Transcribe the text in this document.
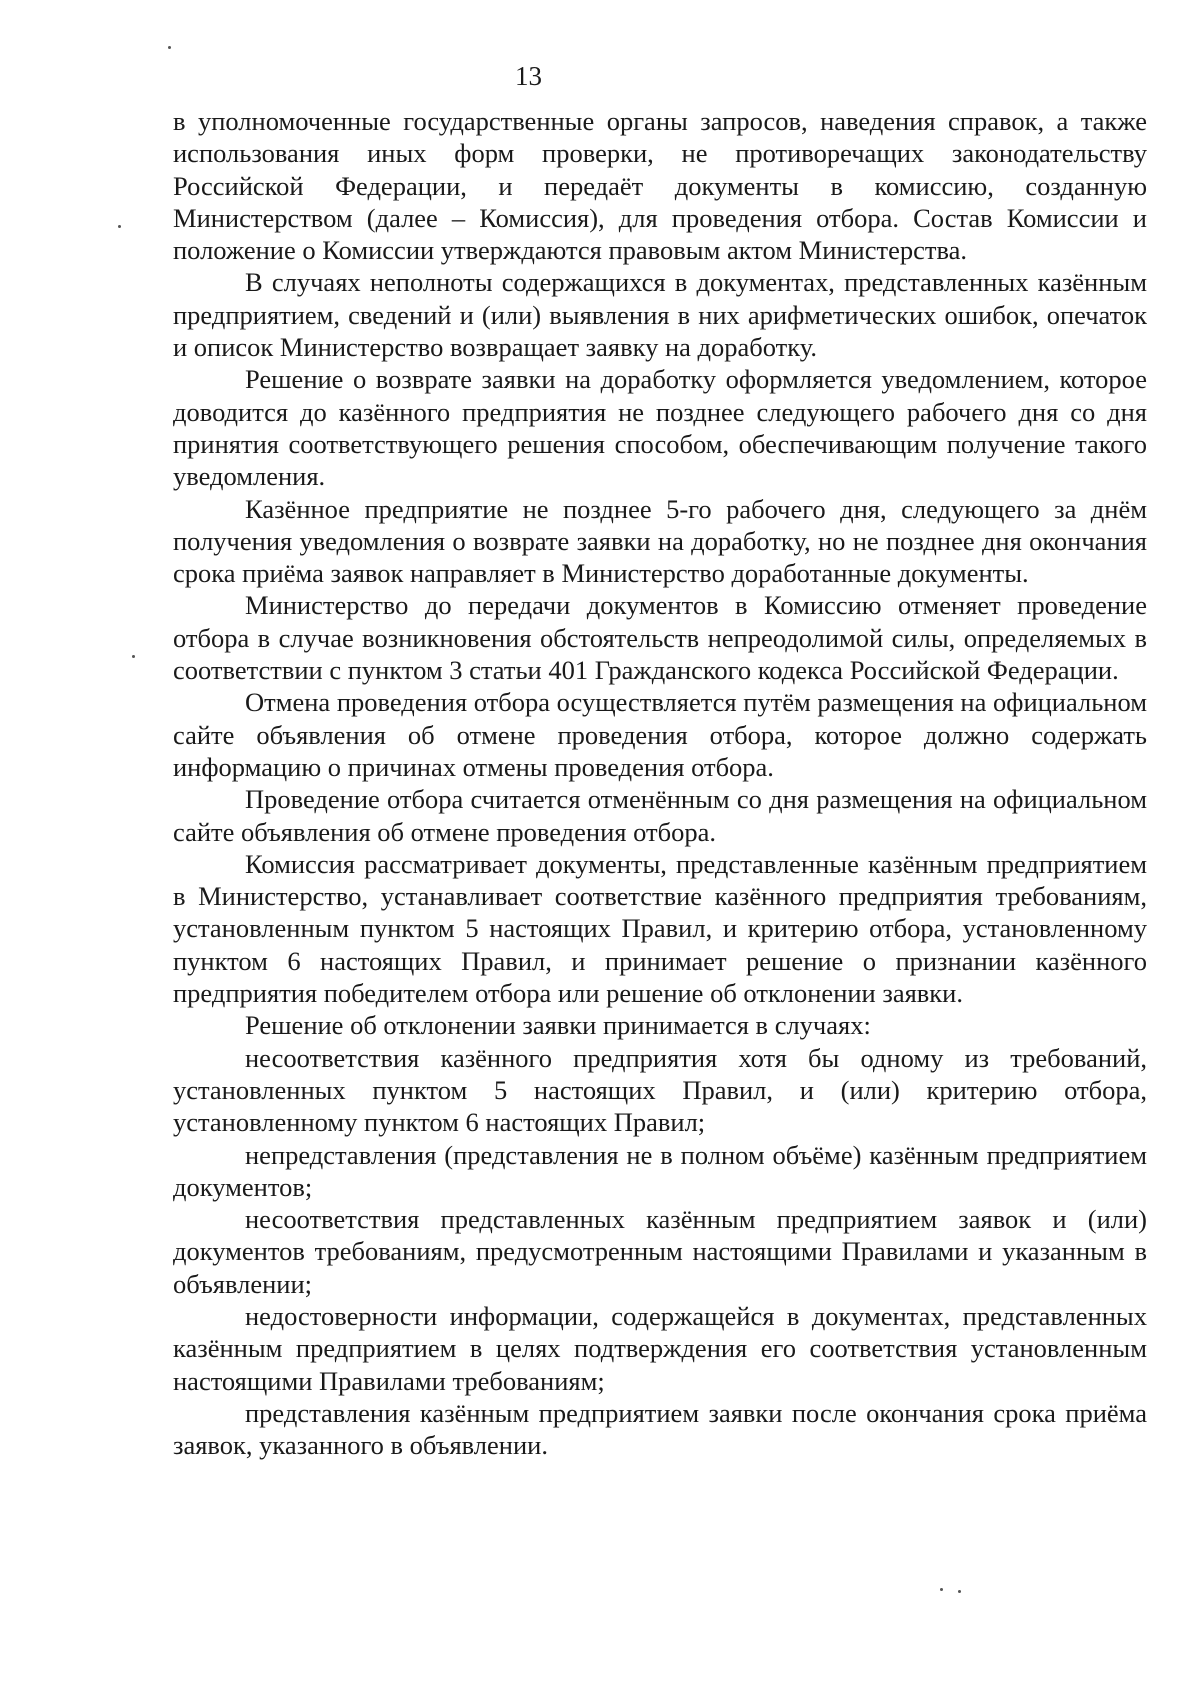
13

в уполномоченные государственные органы запросов, наведения справок, а также использования иных форм проверки, не противоречащих законодательству Российской Федерации, и передаёт документы в комиссию, созданную Министерством (далее – Комиссия), для проведения отбора. Состав Комиссии и положение о Комиссии утверждаются правовым актом Министерства.

В случаях неполноты содержащихся в документах, представленных казённым предприятием, сведений и (или) выявления в них арифметических ошибок, опечаток и описок Министерство возвращает заявку на доработку.

Решение о возврате заявки на доработку оформляется уведомлением, которое доводится до казённого предприятия не позднее следующего рабочего дня со дня принятия соответствующего решения способом, обеспечивающим получение такого уведомления.

Казённое предприятие не позднее 5-го рабочего дня, следующего за днём получения уведомления о возврате заявки на доработку, но не позднее дня окончания срока приёма заявок направляет в Министерство доработанные документы.

Министерство до передачи документов в Комиссию отменяет проведение отбора в случае возникновения обстоятельств непреодолимой силы, определяемых в соответствии с пунктом 3 статьи 401 Гражданского кодекса Российской Федерации.

Отмена проведения отбора осуществляется путём размещения на официальном сайте объявления об отмене проведения отбора, которое должно содержать информацию о причинах отмены проведения отбора.

Проведение отбора считается отменённым со дня размещения на официальном сайте объявления об отмене проведения отбора.

Комиссия рассматривает документы, представленные казённым предприятием в Министерство, устанавливает соответствие казённого предприятия требованиям, установленным пунктом 5 настоящих Правил, и критерию отбора, установленному пунктом 6 настоящих Правил, и принимает решение о признании казённого предприятия победителем отбора или решение об отклонении заявки.

Решение об отклонении заявки принимается в случаях:

несоответствия казённого предприятия хотя бы одному из требований, установленных пунктом 5 настоящих Правил, и (или) критерию отбора, установленному пунктом 6 настоящих Правил;

непредставления (представления не в полном объёме) казённым предприятием документов;

несоответствия представленных казённым предприятием заявок и (или) документов требованиям, предусмотренным настоящими Правилами и указанным в объявлении;

недостоверности информации, содержащейся в документах, представленных казённым предприятием в целях подтверждения его соответствия установленным настоящими Правилами требованиям;

представления казённым предприятием заявки после окончания срока приёма заявок, указанного в объявлении.
